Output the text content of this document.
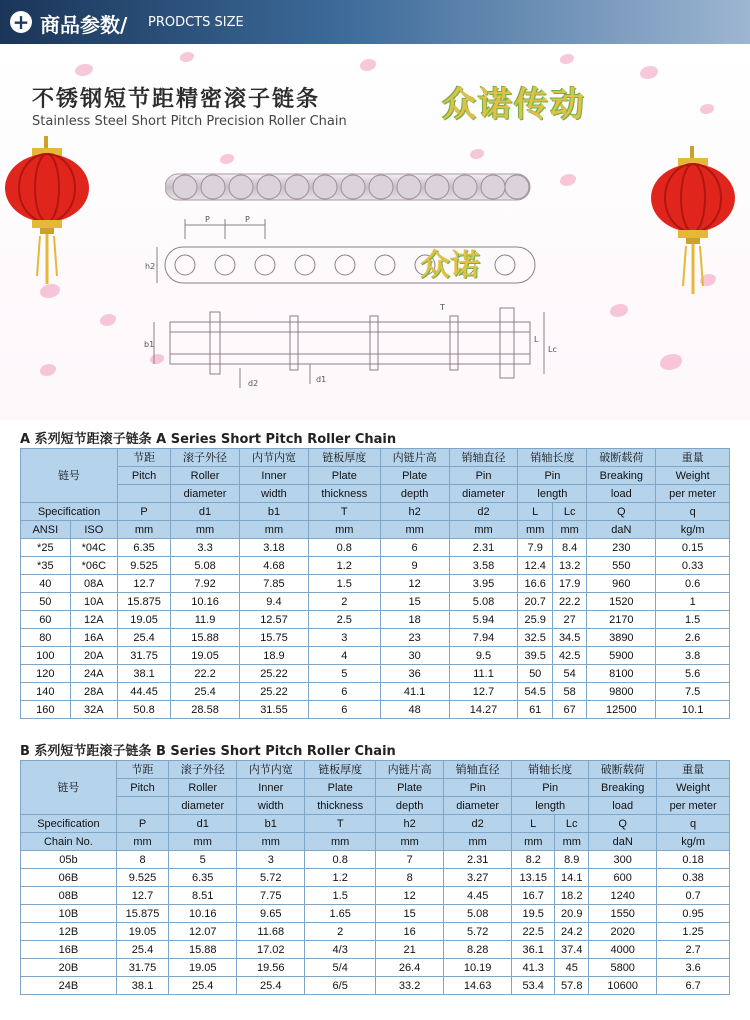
+ 商品参数/ PRODCTS SIZE
不锈钢短节距精密滚子链条
Stainless Steel Short Pitch Precision Roller Chain	众诺传动
P	P
h2	众诺
b1
d2	d1
T
L
Lc
A 系列短节距滚子链条 A Series Short Pitch Roller Chain
链号		节距	滚子外径	内节内宽	链板厚度	内链片高	销轴直径	销轴长度		破断载荷	重量
		Pitch	Roller	Inner	Plate	Plate	Pin	Pin		Breaking	Weight
			diameter	width	thickness	depth	diameter	length		load	per meter
Specification		P	d1	b1	T	h2	d2	L	Lc	Q	q
ANSI	ISO	mm	mm	mm	mm	mm	mm	mm	mm	daN	kg/m
*25	*04C	6.35	3.3	3.18	0.8	6	2.31	7.9	8.4	230	0.15
*35	*06C	9.525	5.08	4.68	1.2	9	3.58	12.4	13.2	550	0.33
40	08A	12.7	7.92	7.85	1.5	12	3.95	16.6	17.9	960	0.6
50	10A	15.875	10.16	9.4	2	15	5.08	20.7	22.2	1520	1
60	12A	19.05	11.9	12.57	2.5	18	5.94	25.9	27	2170	1.5
80	16A	25.4	15.88	15.75	3	23	7.94	32.5	34.5	3890	2.6
100	20A	31.75	19.05	18.9	4	30	9.5	39.5	42.5	5900	3.8
120	24A	38.1	22.2	25.22	5	36	11.1	50	54	8100	5.6
140	28A	44.45	25.4	25.22	6	41.1	12.7	54.5	58	9800	7.5
160	32A	50.8	28.58	31.55	6	48	14.27	61	67	12500	10.1
B 系列短节距滚子链条 B Series Short Pitch Roller Chain
链号	节距	滚子外径	内节内宽	链板厚度	内链片高	销轴直径	销轴长度		破断载荷	重量
	Pitch	Roller	Inner	Plate	Plate	Pin	Pin		Breaking	Weight
		diameter	width	thickness	depth	diameter	length		load	per meter
Specification	P	d1	b1	T	h2	d2	L	Lc	Q	q
Chain No.	mm	mm	mm	mm	mm	mm	mm	mm	daN	kg/m
05b	8	5	3	0.8	7	2.31	8.2	8.9	300	0.18
06B	9.525	6.35	5.72	1.2	8	3.27	13.15	14.1	600	0.38
08B	12.7	8.51	7.75	1.5	12	4.45	16.7	18.2	1240	0.7
10B	15.875	10.16	9.65	1.65	15	5.08	19.5	20.9	1550	0.95
12B	19.05	12.07	11.68	2	16	5.72	22.5	24.2	2020	1.25
16B	25.4	15.88	17.02	4/3	21	8.28	36.1	37.4	4000	2.7
20B	31.75	19.05	19.56	5/4	26.4	10.19	41.3	45	5800	3.6
24B	38.1	25.4	25.4	6/5	33.2	14.63	53.4	57.8	10600	6.7
